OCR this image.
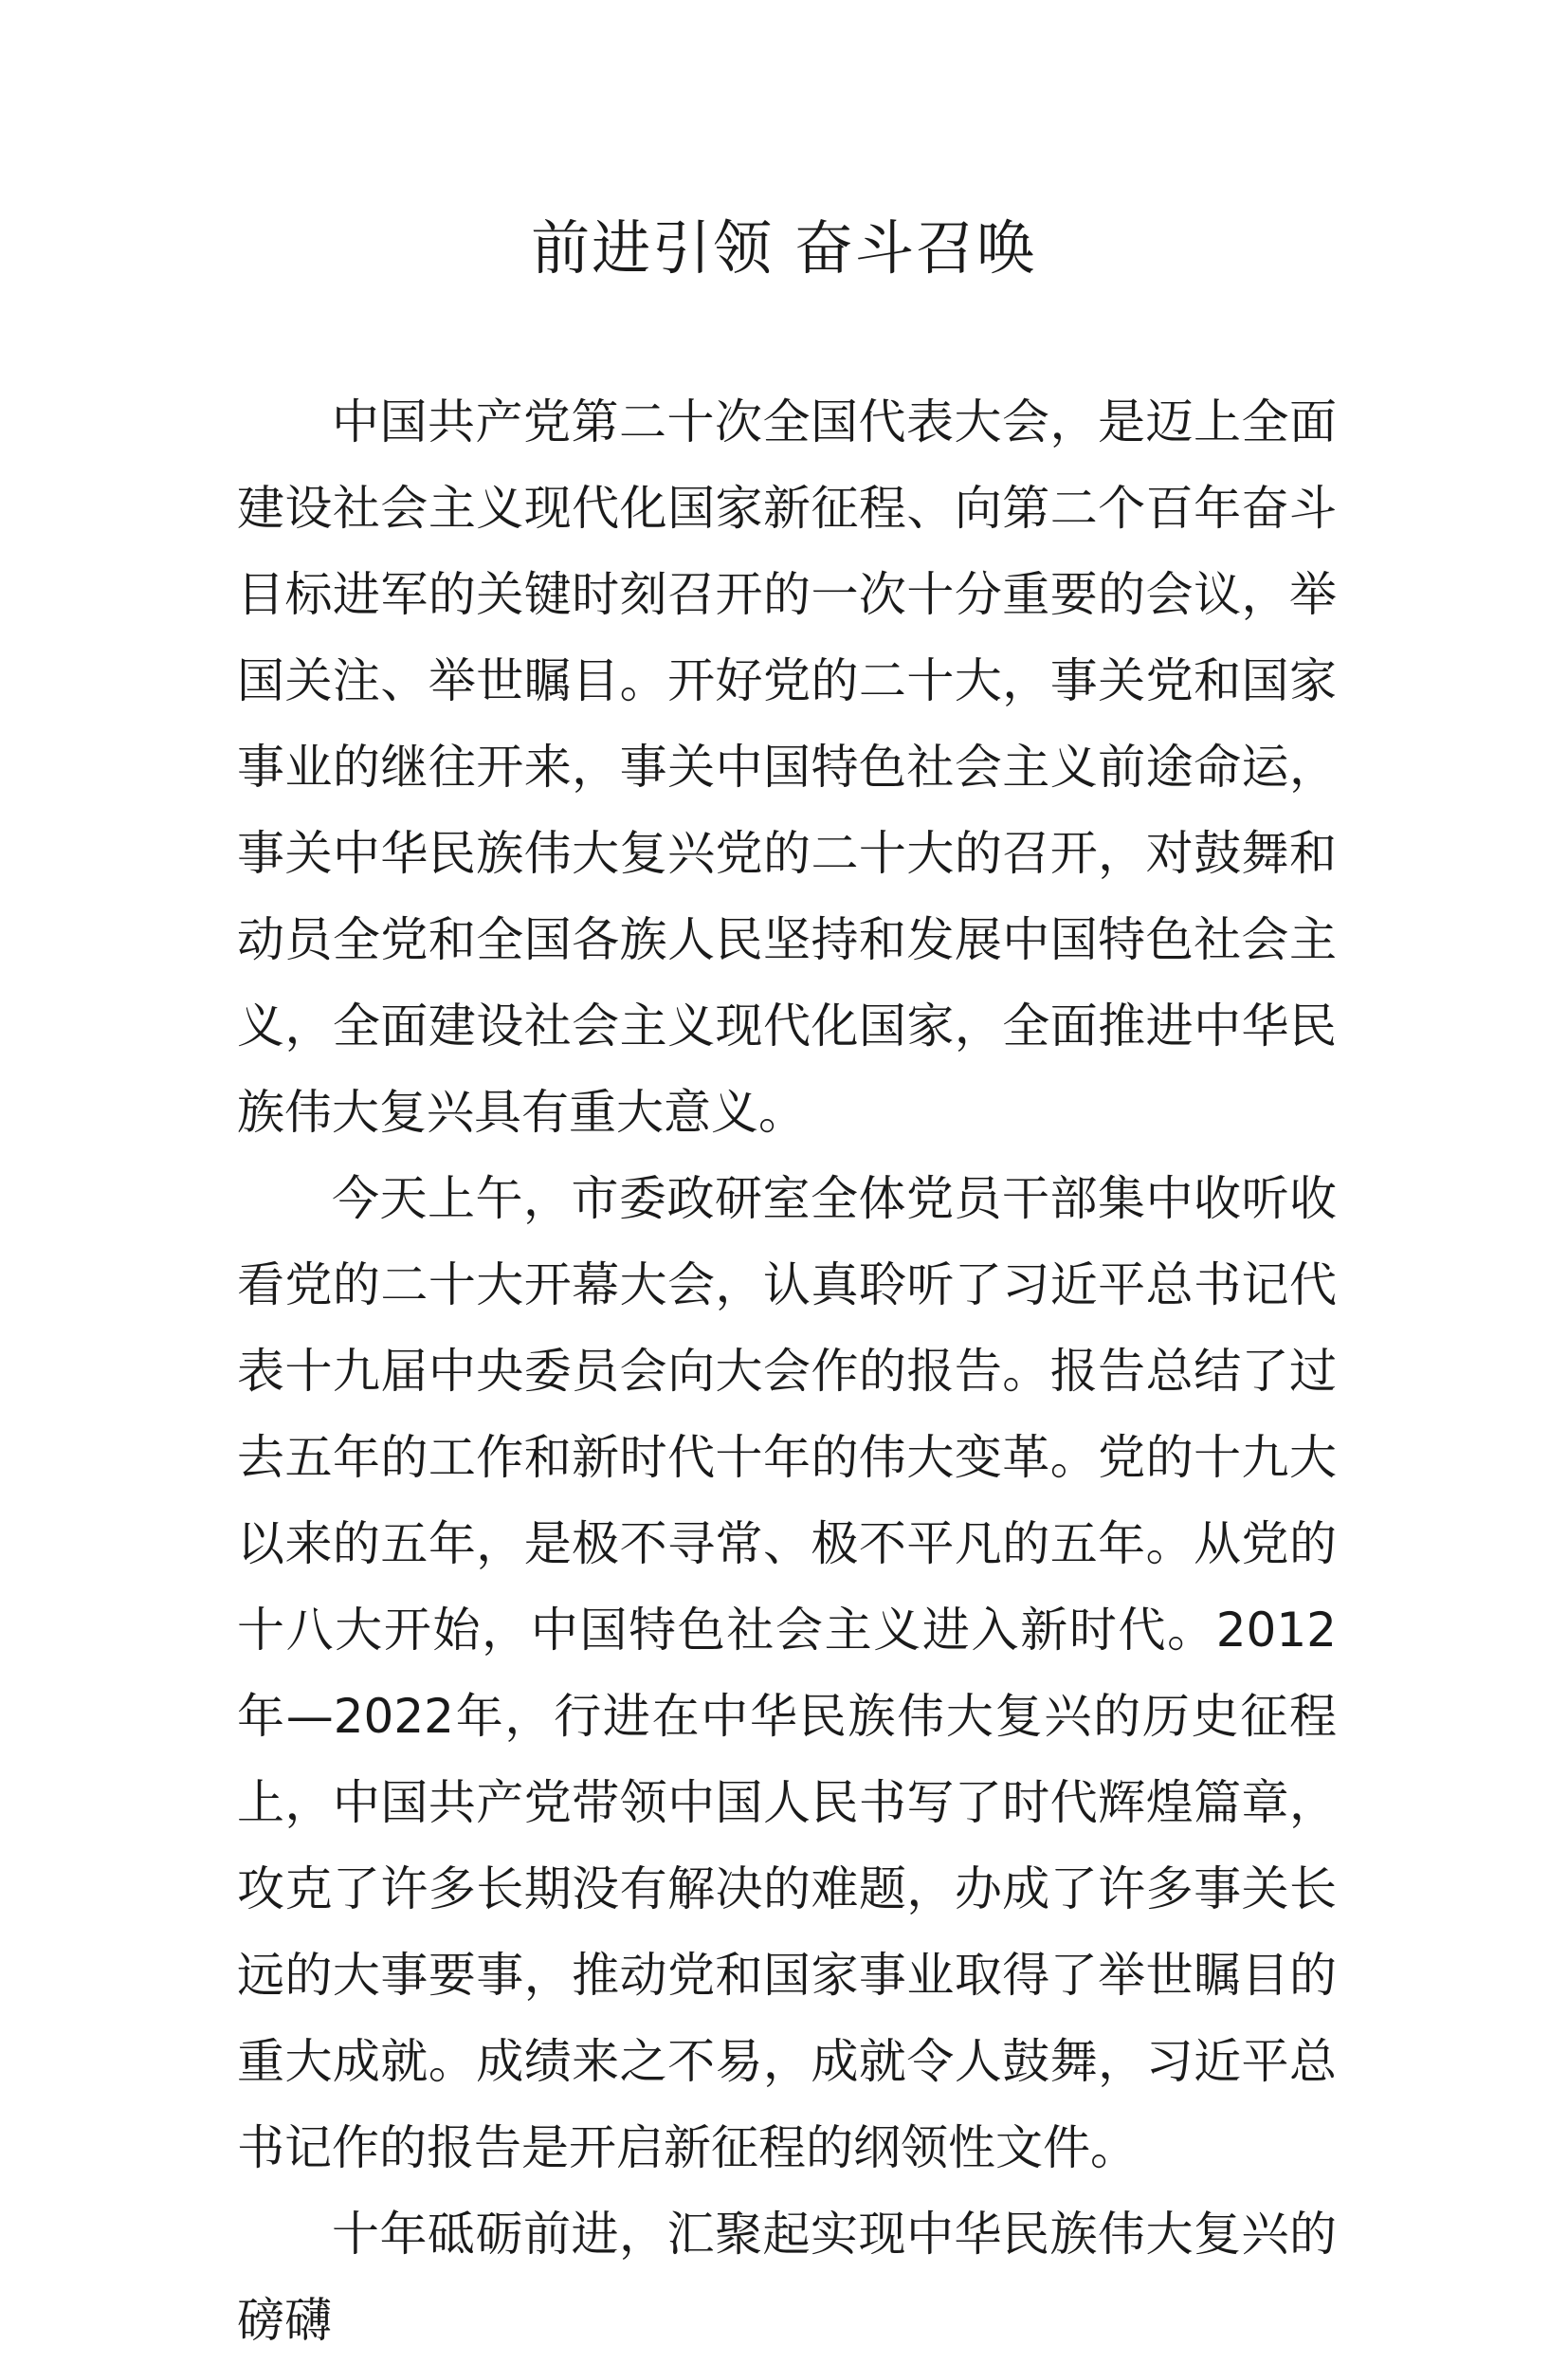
前进引领 奋斗召唤

中国共产党第二十次全国代表大会，是迈上全面建设社会主义现代化国家新征程、向第二个百年奋斗目标进军的关键时刻召开的一次十分重要的会议，举国关注、举世瞩目。开好党的二十大，事关党和国家事业的继往开来，事关中国特色社会主义前途命运，事关中华民族伟大复兴党的二十大的召开，对鼓舞和动员全党和全国各族人民坚持和发展中国特色社会主义，全面建设社会主义现代化国家，全面推进中华民族伟大复兴具有重大意义。

今天上午，市委政研室全体党员干部集中收听收看党的二十大开幕大会，认真聆听了习近平总书记代表十九届中央委员会向大会作的报告。报告总结了过去五年的工作和新时代十年的伟大变革。党的十九大以来的五年，是极不寻常、极不平凡的五年。从党的十八大开始，中国特色社会主义进入新时代。2012年—2022年，行进在中华民族伟大复兴的历史征程上，中国共产党带领中国人民书写了时代辉煌篇章，攻克了许多长期没有解决的难题，办成了许多事关长远的大事要事，推动党和国家事业取得了举世瞩目的重大成就。成绩来之不易，成就令人鼓舞，习近平总书记作的报告是开启新征程的纲领性文件。

十年砥砺前进，汇聚起实现中华民族伟大复兴的磅礴
